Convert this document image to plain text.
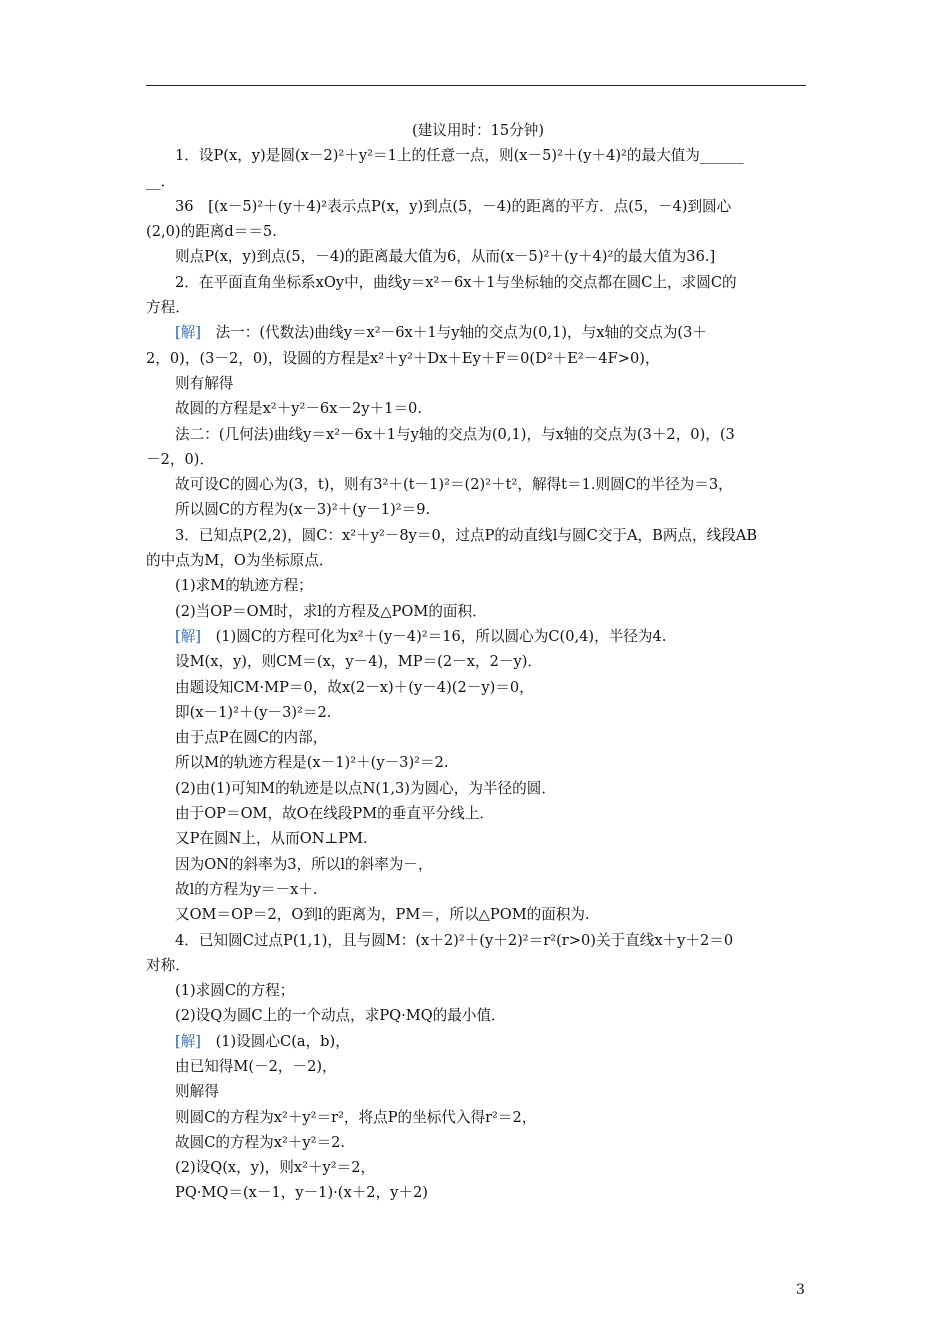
(建议用时：15分钟)

1．设P(x，y)是圆(x－2)²＋y²＝1上的任意一点，则(x－5)²＋(y＋4)²的最大值为______

__．

36　[(x－5)²＋(y＋4)²表示点P(x，y)到点(5，－4)的距离的平方．点(5，－4)到圆心

(2,0)的距离d＝＝5.

则点P(x，y)到点(5，－4)的距离最大值为6，从而(x－5)²＋(y＋4)²的最大值为36.]

2．在平面直角坐标系xOy中，曲线y＝x²－6x＋1与坐标轴的交点都在圆C上，求圆C的

方程．

[解]　法一：(代数法)曲线y＝x²－6x＋1与y轴的交点为(0,1)，与x轴的交点为(3＋

2，0)，(3－2，0)，设圆的方程是x²＋y²＋Dx＋Ey＋F＝0(D²＋E²－4F>0)，

则有解得

故圆的方程是x²＋y²－6x－2y＋1＝0.

法二：(几何法)曲线y＝x²－6x＋1与y轴的交点为(0,1)，与x轴的交点为(3＋2，0)，(3

－2，0)．

故可设C的圆心为(3，t)，则有3²＋(t－1)²＝(2)²＋t²，解得t＝1.则圆C的半径为＝3，

所以圆C的方程为(x－3)²＋(y－1)²＝9.

3．已知点P(2,2)，圆C：x²＋y²－8y＝0，过点P的动直线l与圆C交于A，B两点，线段AB

的中点为M，O为坐标原点．

(1)求M的轨迹方程；

(2)当OP＝OM时，求l的方程及△POM的面积．

[解]　(1)圆C的方程可化为x²＋(y－4)²＝16，所以圆心为C(0,4)，半径为4.

设M(x，y)，则CM＝(x，y－4)，MP＝(2－x，2－y)．

由题设知CM·MP＝0，故x(2－x)＋(y－4)(2－y)＝0，

即(x－1)²＋(y－3)²＝2.

由于点P在圆C的内部，

所以M的轨迹方程是(x－1)²＋(y－3)²＝2.

(2)由(1)可知M的轨迹是以点N(1,3)为圆心，为半径的圆．

由于OP＝OM，故O在线段PM的垂直平分线上．

又P在圆N上，从而ON⊥PM.

因为ON的斜率为3，所以l的斜率为－，

故l的方程为y＝－x＋.

又OM＝OP＝2，O到l的距离为，PM＝，所以△POM的面积为.

4．已知圆C过点P(1,1)，且与圆M：(x＋2)²＋(y＋2)²＝r²(r>0)关于直线x＋y＋2＝0

对称．

(1)求圆C的方程；

(2)设Q为圆C上的一个动点，求PQ·MQ的最小值．

[解]　(1)设圆心C(a，b)，

由已知得M(－2，－2)，

则解得

则圆C的方程为x²＋y²＝r²，将点P的坐标代入得r²＝2，

故圆C的方程为x²＋y²＝2.

(2)设Q(x，y)，则x²＋y²＝2，

PQ·MQ＝(x－1，y－1)·(x＋2，y＋2)

3
